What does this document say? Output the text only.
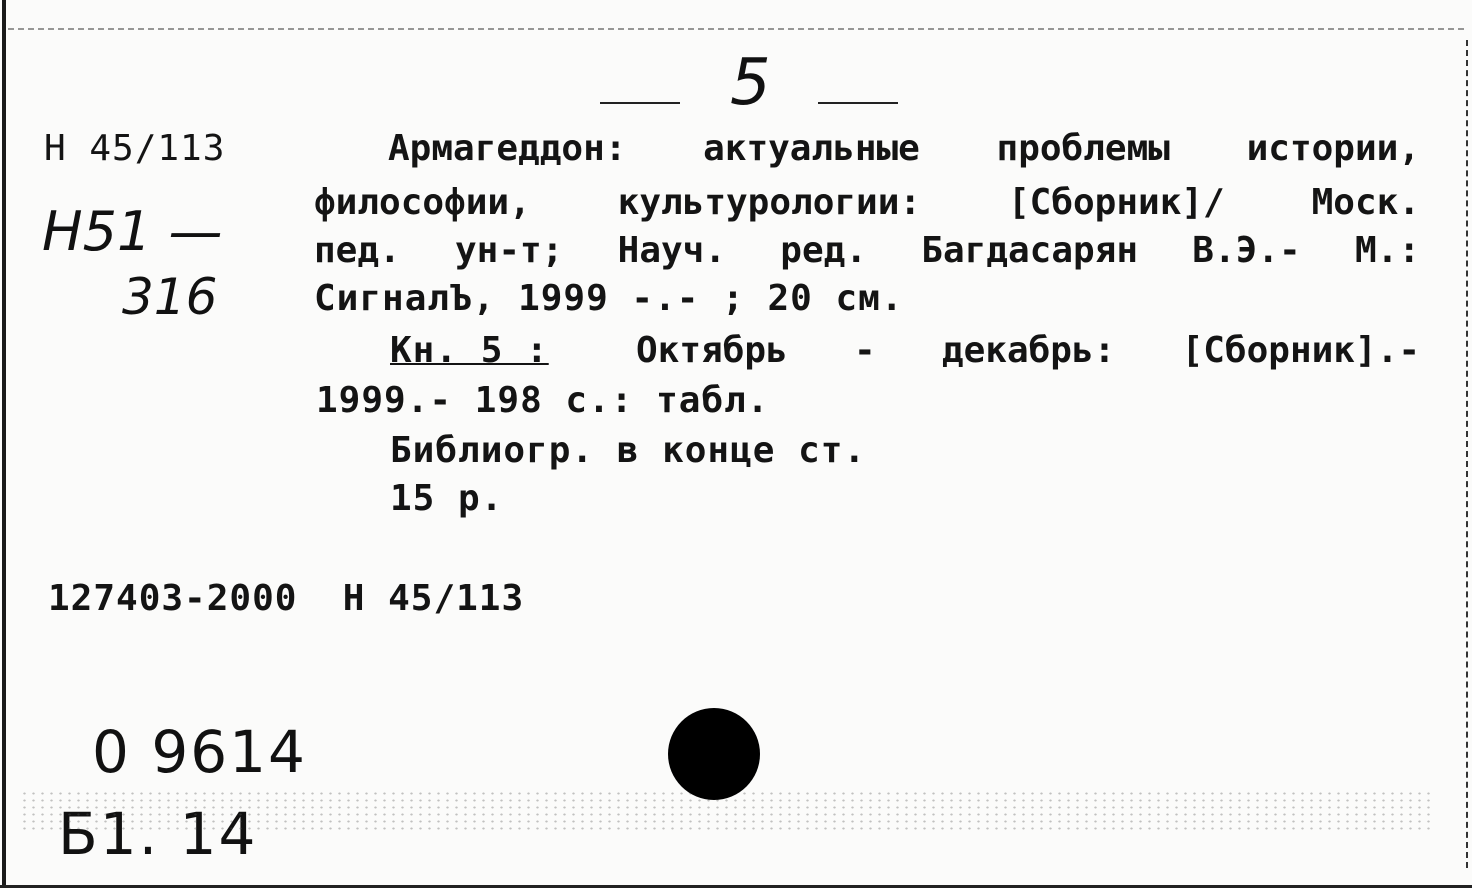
5
Н 45/113
Н51 —
316
Армагеддон: актуальные проблемы истории,
философии, культурологии: [Сборник]/ Моск.
пед. ун-т; Науч. ред. Багдасарян В.Э.- М.:
СигналЪ, 1999 -.- ; 20 см.
Кн. 5 : Октябрь - декабрь: [Сборник].-
1999.- 198 с.: табл.
Библиогр. в конце ст.
15 р.
127403-2000  Н 45/113
0 9614
Б1. 14
